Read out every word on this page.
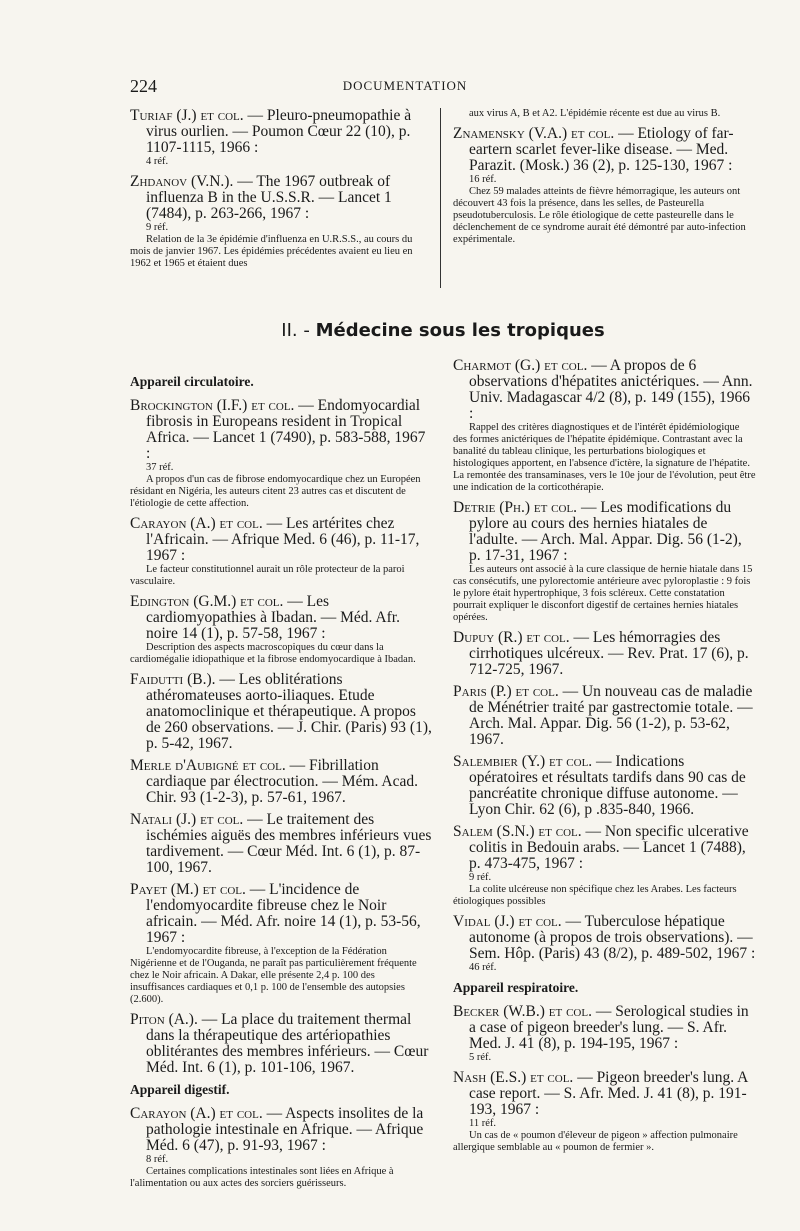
224	DOCUMENTATION
Turiaf (J.) et col. — Pleuro-pneumopathie à virus ourlien. — Poumon Cœur 22 (10), p. 1107-1115, 1966 :
4 réf.
Zhdanov (V.N.). — The 1967 outbreak of influenza B in the U.S.S.R. — Lancet 1 (7484), p. 263-266, 1967 :
9 réf.
Relation de la 3e épidémie d'influenza en U.R.S.S., au cours du mois de janvier 1967. Les épidémies précédentes avaient eu lieu en 1962 et 1965 et étaient dues
aux virus A, B et A2. L'épidémie récente est due au virus B.
Znamensky (V.A.) et col. — Etiology of far-eartern scarlet fever-like disease. — Med. Parazit. (Mosk.) 36 (2), p. 125-130, 1967 :
16 réf.
Chez 59 malades atteints de fièvre hémorragique, les auteurs ont découvert 43 fois la présence, dans les selles, de Pasteurella pseudotuberculosis. Le rôle étiologique de cette pasteurelle dans le déclenchement de ce syndrome aurait été démontré par auto-infection expérimentale.
II. - Médecine sous les tropiques
Appareil circulatoire.
Brockington (I.F.) et col. — Endomyocardial fibrosis in Europeans resident in Tropical Africa. — Lancet 1 (7490), p. 583-588, 1967 :
37 réf.
A propos d'un cas de fibrose endomyocardique chez un Européen résidant en Nigéria, les auteurs citent 23 autres cas et discutent de l'étiologie de cette affection.
Carayon (A.) et col. — Les artérites chez l'Africain. — Afrique Med. 6 (46), p. 11-17, 1967 :
Le facteur constitutionnel aurait un rôle protecteur de la paroi vasculaire.
Edington (G.M.) et col. — Les cardiomyopathies à Ibadan. — Méd. Afr. noire 14 (1), p. 57-58, 1967 :
Description des aspects macroscopiques du cœur dans la cardiomégalie idiopathique et la fibrose endomyocardique à Ibadan.
Faidutti (B.). — Les oblitérations athéromateuses aorto-iliaques. Etude anatomoclinique et thérapeutique. A propos de 260 observations. — J. Chir. (Paris) 93 (1), p. 5-42, 1967.
Merle d'Aubigné et col. — Fibrillation cardiaque par électrocution. — Mém. Acad. Chir. 93 (1-2-3), p. 57-61, 1967.
Natali (J.) et col. — Le traitement des ischémies aiguës des membres inférieurs vues tardivement. — Cœur Méd. Int. 6 (1), p. 87-100, 1967.
Payet (M.) et col. — L'incidence de l'endomyocardite fibreuse chez le Noir africain. — Méd. Afr. noire 14 (1), p. 53-56, 1967 :
L'endomyocardite fibreuse, à l'exception de la Fédération Nigérienne et de l'Ouganda, ne paraît pas particulièrement fréquente chez le Noir africain. A Dakar, elle présente 2,4 p. 100 des insuffisances cardiaques et 0,1 p. 100 de l'ensemble des autopsies (2.600).
Piton (A.). — La place du traitement thermal dans la thérapeutique des artériopathies oblitérantes des membres inférieurs. — Cœur Méd. Int. 6 (1), p. 101-106, 1967.
Appareil digestif.
Carayon (A.) et col. — Aspects insolites de la pathologie intestinale en Afrique. — Afrique Méd. 6 (47), p. 91-93, 1967 :
8 réf.
Certaines complications intestinales sont liées en Afrique à l'alimentation ou aux actes des sorciers guérisseurs.
Charmot (G.) et col. — A propos de 6 observations d'hépatites anictériques. — Ann. Univ. Madagascar 4/2 (8), p. 149 (155), 1966 :
Rappel des critères diagnostiques et de l'intérêt épidémiologique des formes anictériques de l'hépatite épidémique. Contrastant avec la banalité du tableau clinique, les perturbations biologiques et histologiques apportent, en l'absence d'ictère, la signature de l'hépatite. La remontée des transaminases, vers le 10e jour de l'évolution, peut être une indication de la corticothérapie.
Detrie (Ph.) et col. — Les modifications du pylore au cours des hernies hiatales de l'adulte. — Arch. Mal. Appar. Dig. 56 (1-2), p. 17-31, 1967 :
Les auteurs ont associé à la cure classique de hernie hiatale dans 15 cas consécutifs, une pylorectomie antérieure avec pyloroplastie : 9 fois le pylore était hypertrophique, 3 fois scléreux. Cette constatation pourrait expliquer le disconfort digestif de certaines hernies hiatales opérées.
Dupuy (R.) et col. — Les hémorragies des cirrhotiques ulcéreux. — Rev. Prat. 17 (6), p. 712-725, 1967.
Paris (P.) et col. — Un nouveau cas de maladie de Ménétrier traité par gastrectomie totale. — Arch. Mal. Appar. Dig. 56 (1-2), p. 53-62, 1967.
Salembier (Y.) et col. — Indications opératoires et résultats tardifs dans 90 cas de pancréatite chronique diffuse autonome. — Lyon Chir. 62 (6), p .835-840, 1966.
Salem (S.N.) et col. — Non specific ulcerative colitis in Bedouin arabs. — Lancet 1 (7488), p. 473-475, 1967 :
9 réf.
La colite ulcéreuse non spécifique chez les Arabes. Les facteurs étiologiques possibles
Vidal (J.) et col. — Tuberculose hépatique autonome (à propos de trois observations). — Sem. Hôp. (Paris) 43 (8/2), p. 489-502, 1967 :
46 réf.
Appareil respiratoire.
Becker (W.B.) et col. — Serological studies in a case of pigeon breeder's lung. — S. Afr. Med. J. 41 (8), p. 194-195, 1967 :
5 réf.
Nash (E.S.) et col. — Pigeon breeder's lung. A case report. — S. Afr. Med. J. 41 (8), p. 191-193, 1967 :
11 réf.
Un cas de « poumon d'éleveur de pigeon » affection pulmonaire allergique semblable au « poumon de fermier ».
